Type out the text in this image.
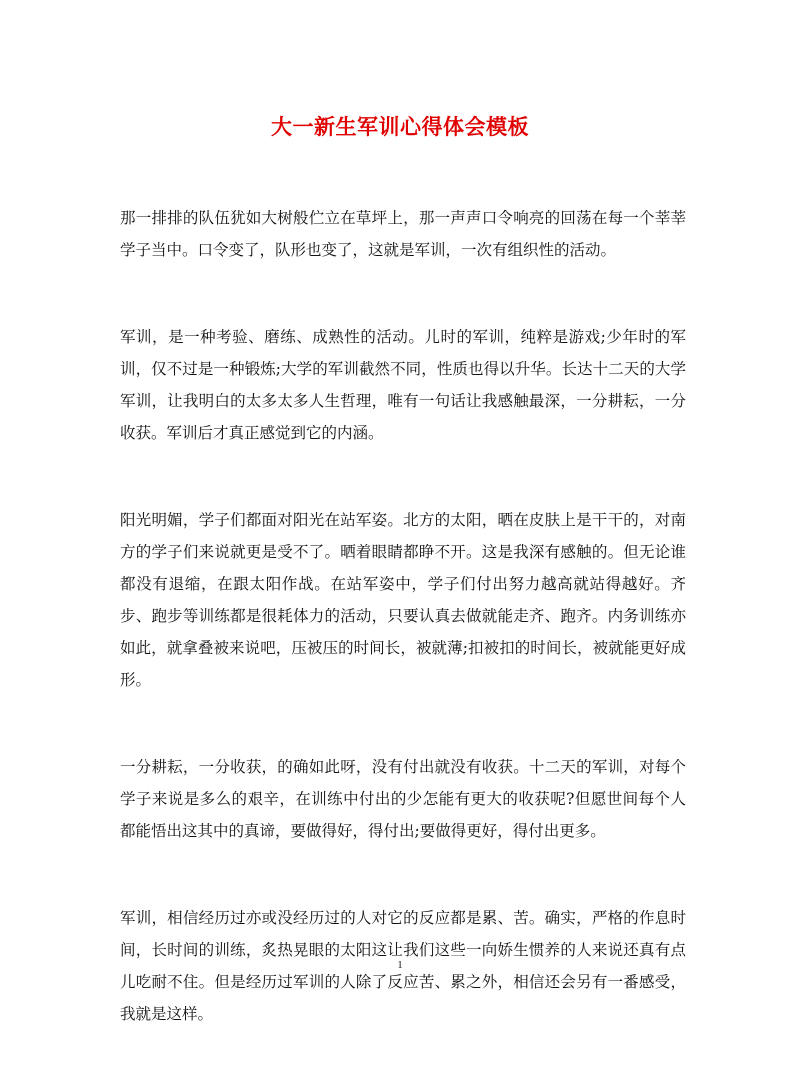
大一新生军训心得体会模板

那一排排的队伍犹如大树般伫立在草坪上，那一声声口令响亮的回荡在每一个莘莘学子当中。口令变了，队形也变了，这就是军训，一次有组织性的活动。

军训，是一种考验、磨练、成熟性的活动。儿时的军训，纯粹是游戏;少年时的军训，仅不过是一种锻炼;大学的军训截然不同，性质也得以升华。长达十二天的大学军训，让我明白的太多太多人生哲理，唯有一句话让我感触最深，一分耕耘，一分收获。军训后才真正感觉到它的内涵。

阳光明媚，学子们都面对阳光在站军姿。北方的太阳，晒在皮肤上是干干的，对南方的学子们来说就更是受不了。晒着眼睛都睁不开。这是我深有感触的。但无论谁都没有退缩，在跟太阳作战。在站军姿中，学子们付出努力越高就站得越好。齐步、跑步等训练都是很耗体力的活动，只要认真去做就能走齐、跑齐。内务训练亦如此，就拿叠被来说吧，压被压的时间长，被就薄;扣被扣的时间长，被就能更好成形。

一分耕耘，一分收获，的确如此呀，没有付出就没有收获。十二天的军训，对每个学子来说是多么的艰辛，在训练中付出的少怎能有更大的收获呢?但愿世间每个人都能悟出这其中的真谛，要做得好，得付出;要做得更好，得付出更多。

军训，相信经历过亦或没经历过的人对它的反应都是累、苦。确实，严格的作息时间，长时间的训练，炙热晃眼的太阳这让我们这些一向娇生惯养的人来说还真有点儿吃耐不住。但是经历过军训的人除了反应苦、累之外，相信还会另有一番感受，我就是这样。

1
